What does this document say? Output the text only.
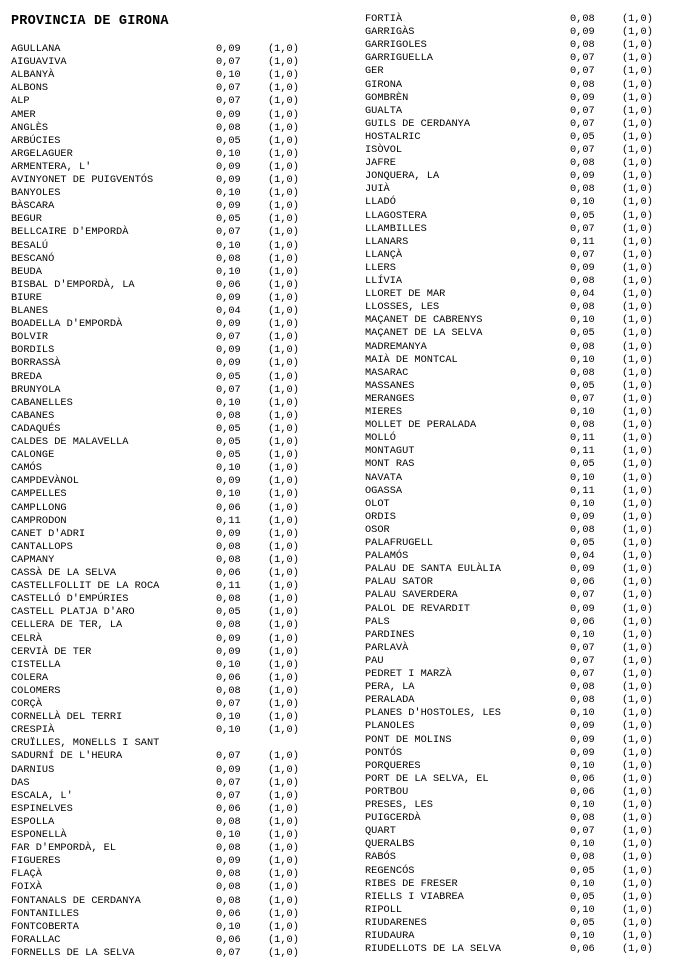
PROVINCIA DE GIRONA
AGULLANA	0,09	(1,0)
AIGUAVIVA	0,07	(1,0)
ALBANYÀ	0,10	(1,0)
ALBONS	0,07	(1,0)
ALP	0,07	(1,0)
AMER	0,09	(1,0)
ANGLÈS	0,08	(1,0)
ARBÚCIES	0,05	(1,0)
ARGELAGUER	0,10	(1,0)
ARMENTERA, L'	0,09	(1,0)
AVINYONET DE PUIGVENTÓS	0,09	(1,0)
BANYOLES	0,10	(1,0)
BÀSCARA	0,09	(1,0)
BEGUR	0,05	(1,0)
BELLCAIRE D'EMPORDÀ	0,07	(1,0)
BESALÚ	0,10	(1,0)
BESCANÓ	0,08	(1,0)
BEUDA	0,10	(1,0)
BISBAL D'EMPORDÀ, LA	0,06	(1,0)
BIURE	0,09	(1,0)
BLANES	0,04	(1,0)
BOADELLA D'EMPORDÀ	0,09	(1,0)
BOLVIR	0,07	(1,0)
BORDILS	0,09	(1,0)
BORRASSÀ	0,09	(1,0)
BREDA	0,05	(1,0)
BRUNYOLA	0,07	(1,0)
CABANELLES	0,10	(1,0)
CABANES	0,08	(1,0)
CADAQUÉS	0,05	(1,0)
CALDES DE MALAVELLA	0,05	(1,0)
CALONGE	0,05	(1,0)
CAMÓS	0,10	(1,0)
CAMPDEVÀNOL	0,09	(1,0)
CAMPELLES	0,10	(1,0)
CAMPLLONG	0,06	(1,0)
CAMPRODON	0,11	(1,0)
CANET D'ADRI	0,09	(1,0)
CANTALLOPS	0,08	(1,0)
CAPMANY	0,08	(1,0)
CASSÀ DE LA SELVA	0,06	(1,0)
CASTELLFOLLIT DE LA ROCA	0,11	(1,0)
CASTELLÓ D'EMPÚRIES	0,08	(1,0)
CASTELL PLATJA D'ARO	0,05	(1,0)
CELLERA DE TER, LA	0,08	(1,0)
CELRÀ	0,09	(1,0)
CERVIÀ DE TER	0,09	(1,0)
CISTELLA	0,10	(1,0)
COLERA	0,06	(1,0)
COLOMERS	0,08	(1,0)
CORÇÀ	0,07	(1,0)
CORNELLÀ DEL TERRI	0,10	(1,0)
CRESPIÀ	0,10	(1,0)
CRUÏLLES, MONELLS I SANT
SADURNÍ DE L'HEURA	0,07	(1,0)
DARNIUS	0,09	(1,0)
DAS	0,07	(1,0)
ESCALA, L'	0,07	(1,0)
ESPINELVES	0,06	(1,0)
ESPOLLA	0,08	(1,0)
ESPONELLÀ	0,10	(1,0)
FAR D'EMPORDÀ, EL	0,08	(1,0)
FIGUERES	0,09	(1,0)
FLAÇÀ	0,08	(1,0)
FOIXÀ	0,08	(1,0)
FONTANALS DE CERDANYA	0,08	(1,0)
FONTANILLES	0,06	(1,0)
FONTCOBERTA	0,10	(1,0)
FORALLAC	0,06	(1,0)
FORNELLS DE LA SELVA	0,07	(1,0)
FORTIÀ	0,08	(1,0)
GARRIGÀS	0,09	(1,0)
GARRIGOLES	0,08	(1,0)
GARRIGUELLA	0,07	(1,0)
GER	0,07	(1,0)
GIRONA	0,08	(1,0)
GOMBRÈN	0,09	(1,0)
GUALTA	0,07	(1,0)
GUILS DE CERDANYA	0,07	(1,0)
HOSTALRIC	0,05	(1,0)
ISÒVOL	0,07	(1,0)
JAFRE	0,08	(1,0)
JONQUERA, LA	0,09	(1,0)
JUIÀ	0,08	(1,0)
LLADÓ	0,10	(1,0)
LLAGOSTERA	0,05	(1,0)
LLAMBILLES	0,07	(1,0)
LLANARS	0,11	(1,0)
LLANÇÀ	0,07	(1,0)
LLERS	0,09	(1,0)
LLÍVIA	0,08	(1,0)
LLORET DE MAR	0,04	(1,0)
LLOSSES, LES	0,08	(1,0)
MAÇANET DE CABRENYS	0,10	(1,0)
MAÇANET DE LA SELVA	0,05	(1,0)
MADREMANYA	0,08	(1,0)
MAIÀ DE MONTCAL	0,10	(1,0)
MASARAC	0,08	(1,0)
MASSANES	0,05	(1,0)
MERANGES	0,07	(1,0)
MIERES	0,10	(1,0)
MOLLET DE PERALADA	0,08	(1,0)
MOLLÓ	0,11	(1,0)
MONTAGUT	0,11	(1,0)
MONT RAS	0,05	(1,0)
NAVATA	0,10	(1,0)
OGASSA	0,11	(1,0)
OLOT	0,10	(1,0)
ORDIS	0,09	(1,0)
OSOR	0,08	(1,0)
PALAFRUGELL	0,05	(1,0)
PALAMÓS	0,04	(1,0)
PALAU DE SANTA EULÀLIA	0,09	(1,0)
PALAU SATOR	0,06	(1,0)
PALAU SAVERDERA	0,07	(1,0)
PALOL DE REVARDIT	0,09	(1,0)
PALS	0,06	(1,0)
PARDINES	0,10	(1,0)
PARLAVÀ	0,07	(1,0)
PAU	0,07	(1,0)
PEDRET I MARZÀ	0,07	(1,0)
PERA, LA	0,08	(1,0)
PERALADA	0,08	(1,0)
PLANES D'HOSTOLES, LES	0,10	(1,0)
PLANOLES	0,09	(1,0)
PONT DE MOLINS	0,09	(1,0)
PONTÓS	0,09	(1,0)
PORQUERES	0,10	(1,0)
PORT DE LA SELVA, EL	0,06	(1,0)
PORTBOU	0,06	(1,0)
PRESES, LES	0,10	(1,0)
PUIGCERDÀ	0,08	(1,0)
QUART	0,07	(1,0)
QUERALBS	0,10	(1,0)
RABÓS	0,08	(1,0)
REGENCÓS	0,05	(1,0)
RIBES DE FRESER	0,10	(1,0)
RIELLS I VIABREA	0,05	(1,0)
RIPOLL	0,10	(1,0)
RIUDARENES	0,05	(1,0)
RIUDAURA	0,10	(1,0)
RIUDELLOTS DE LA SELVA	0,06	(1,0)
